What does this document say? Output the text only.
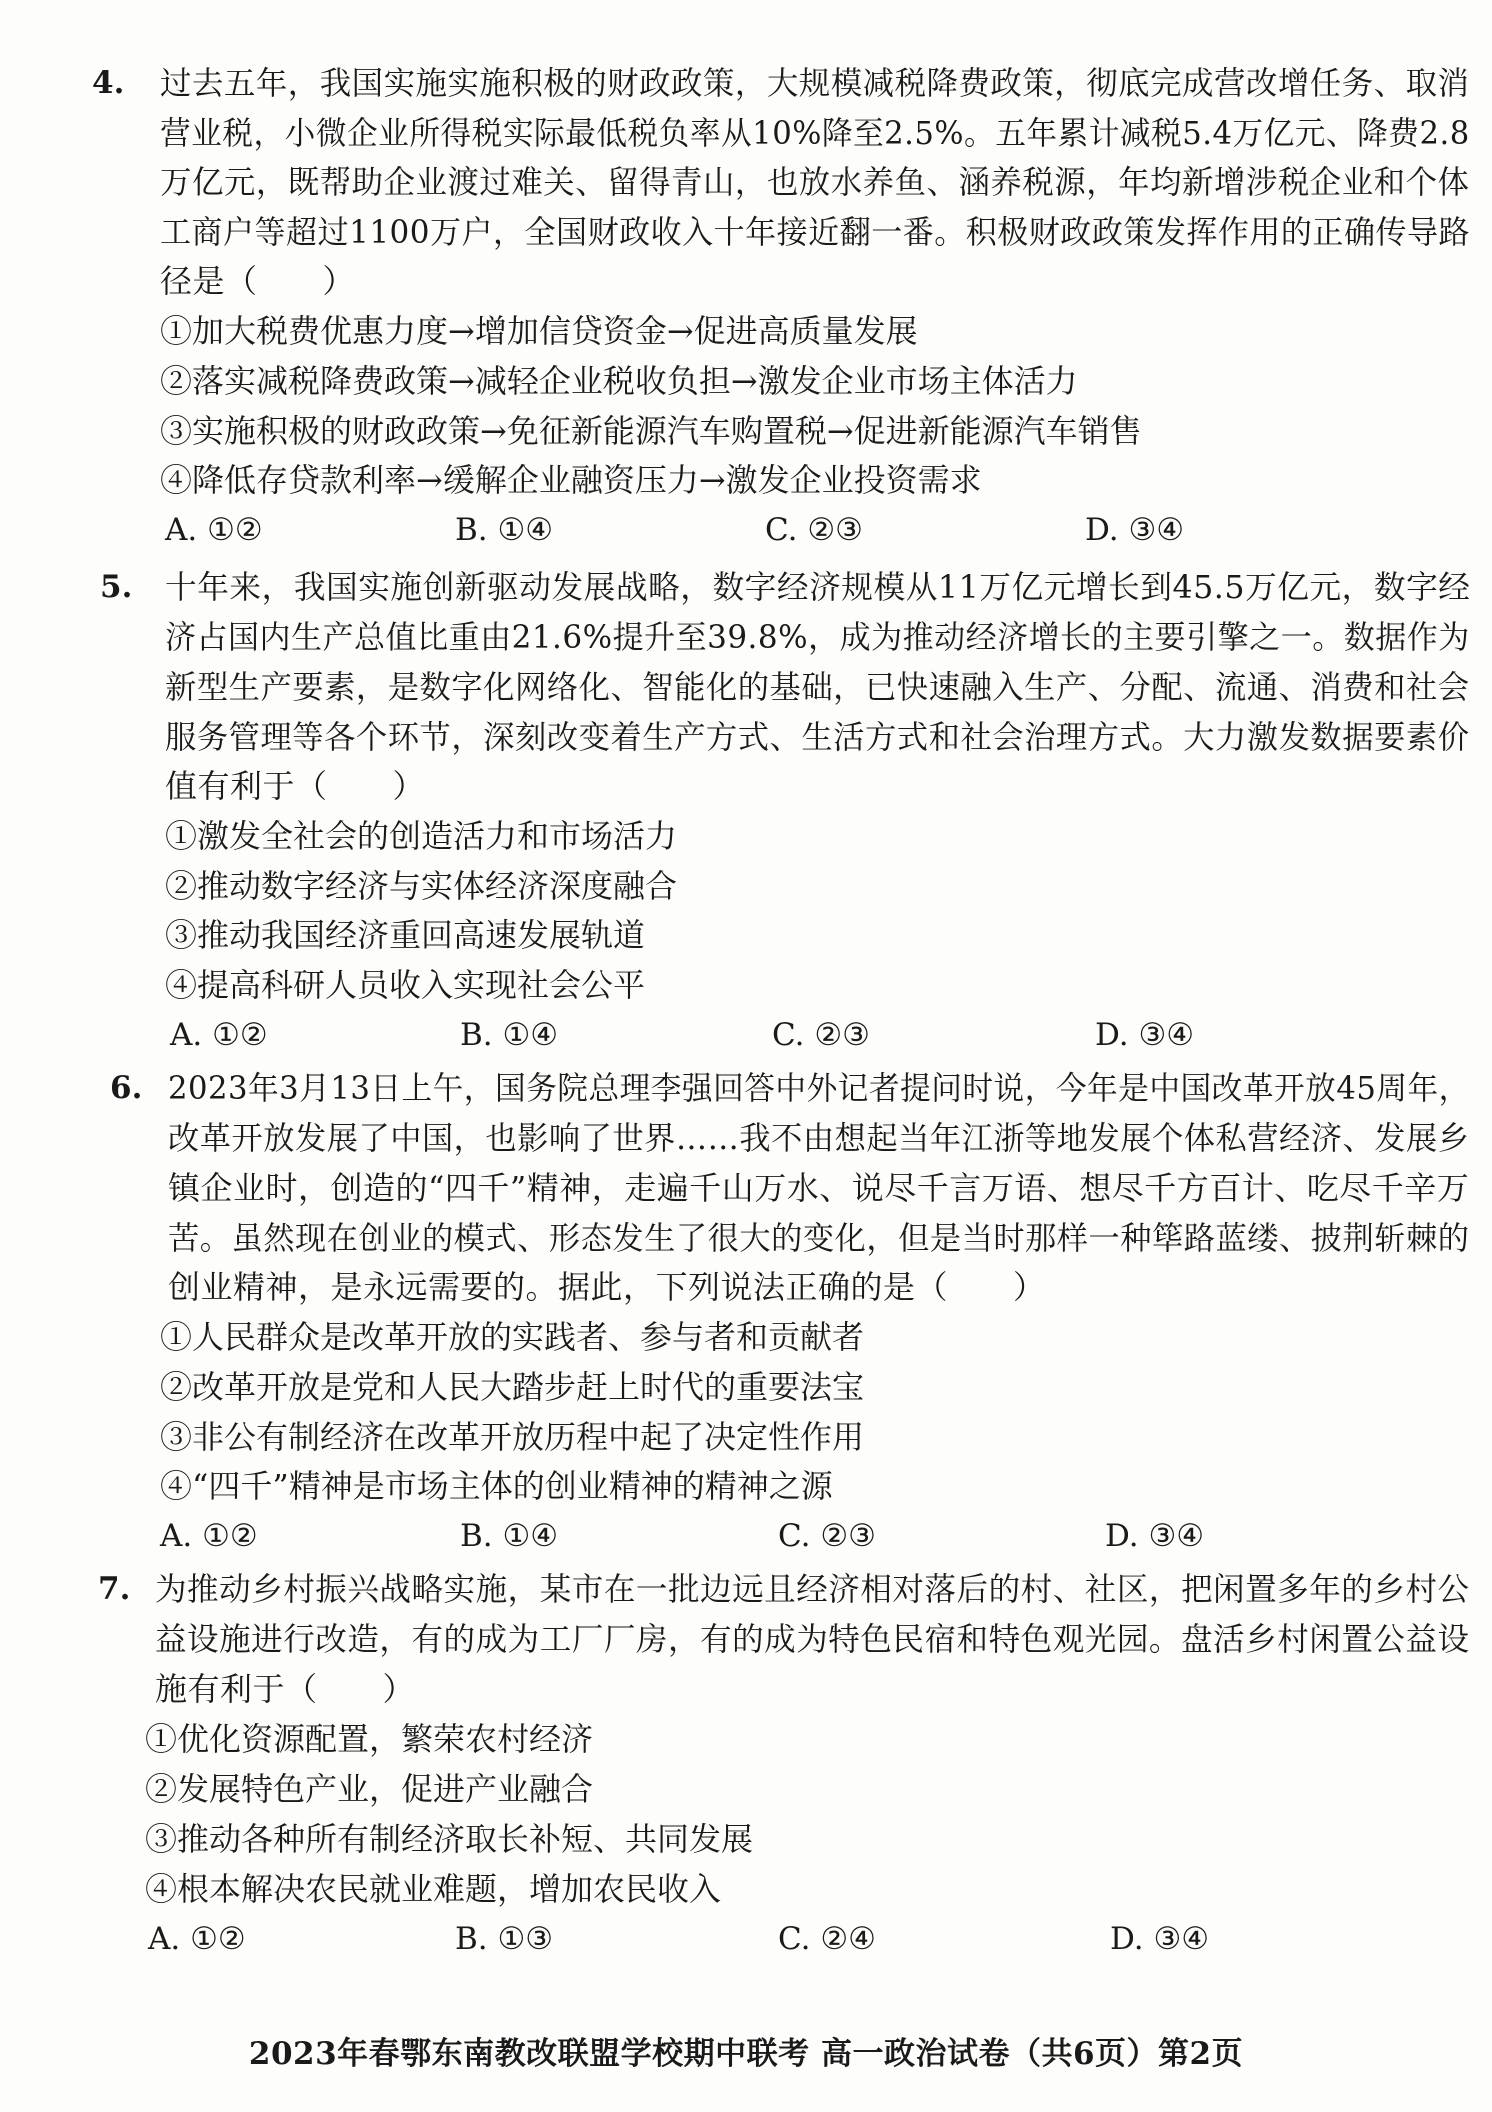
4. 过去五年，我国实施实施积极的财政政策，大规模减税降费政策，彻底完成营改增任务、取消
营业税，小微企业所得税实际最低税负率从10%降至2.5%。五年累计减税5.4万亿元、降费2.8
万亿元，既帮助企业渡过难关、留得青山，也放水养鱼、涵养税源，年均新增涉税企业和个体
工商户等超过1100万户，全国财政收入十年接近翻一番。积极财政政策发挥作用的正确传导路
径是（　　）
①加大税费优惠力度→增加信贷资金→促进高质量发展
②落实减税降费政策→减轻企业税收负担→激发企业市场主体活力
③实施积极的财政政策→免征新能源汽车购置税→促进新能源汽车销售
④降低存贷款利率→缓解企业融资压力→激发企业投资需求
A. ①②	B. ①④	C. ②③	D. ③④
5. 十年来，我国实施创新驱动发展战略，数字经济规模从11万亿元增长到45.5万亿元，数字经
济占国内生产总值比重由21.6%提升至39.8%，成为推动经济增长的主要引擎之一。数据作为
新型生产要素，是数字化网络化、智能化的基础，已快速融入生产、分配、流通、消费和社会
服务管理等各个环节，深刻改变着生产方式、生活方式和社会治理方式。大力激发数据要素价
值有利于（　　）
①激发全社会的创造活力和市场活力
②推动数字经济与实体经济深度融合
③推动我国经济重回高速发展轨道
④提高科研人员收入实现社会公平
A. ①②	B. ①④	C. ②③	D. ③④
6. 2023年3月13日上午，国务院总理李强回答中外记者提问时说，今年是中国改革开放45周年，
改革开放发展了中国，也影响了世界……我不由想起当年江浙等地发展个体私营经济、发展乡
镇企业时，创造的“四千”精神，走遍千山万水、说尽千言万语、想尽千方百计、吃尽千辛万
苦。虽然现在创业的模式、形态发生了很大的变化，但是当时那样一种筚路蓝缕、披荆斩棘的
创业精神，是永远需要的。据此，下列说法正确的是（　　）
①人民群众是改革开放的实践者、参与者和贡献者
②改革开放是党和人民大踏步赶上时代的重要法宝
③非公有制经济在改革开放历程中起了决定性作用
④“四千”精神是市场主体的创业精神的精神之源
A. ①②	B. ①④	C. ②③	D. ③④
7. 为推动乡村振兴战略实施，某市在一批边远且经济相对落后的村、社区，把闲置多年的乡村公
益设施进行改造，有的成为工厂厂房，有的成为特色民宿和特色观光园。盘活乡村闲置公益设
施有利于（　　）
①优化资源配置，繁荣农村经济
②发展特色产业，促进产业融合
③推动各种所有制经济取长补短、共同发展
④根本解决农民就业难题，增加农民收入
A. ①②	B. ①③	C. ②④	D. ③④
2023年春鄂东南教改联盟学校期中联考 高一政治试卷（共6页）第2页
